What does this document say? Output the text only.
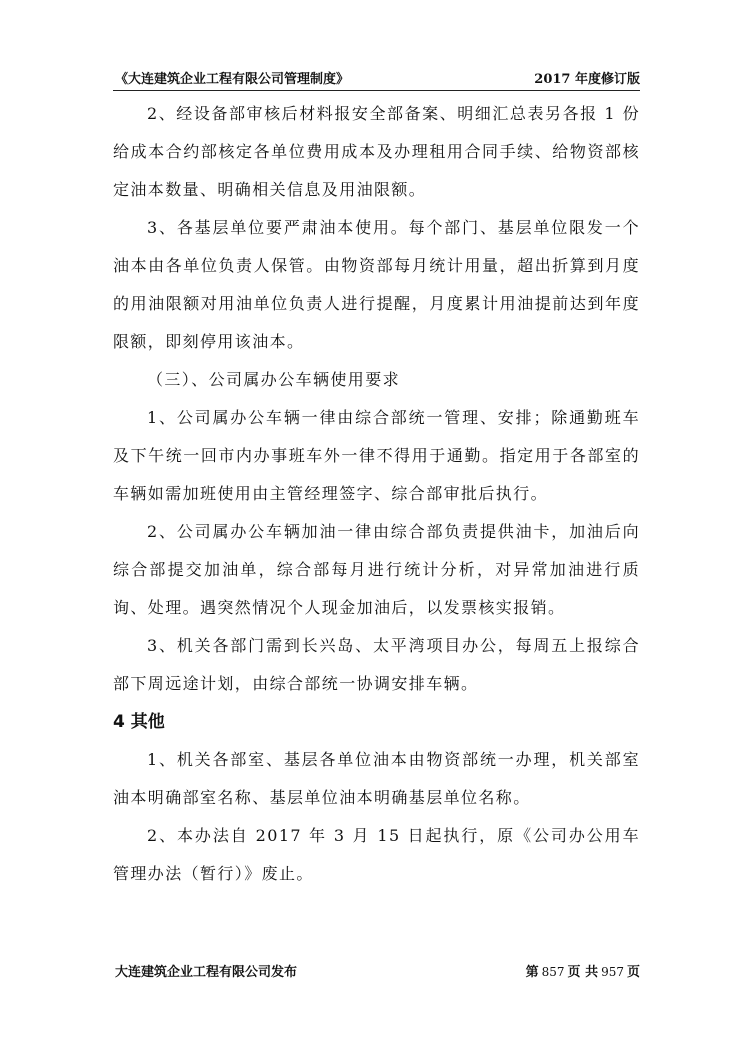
《大连建筑企业工程有限公司管理制度》	2017 年度修订版

2、经设备部审核后材料报安全部备案、明细汇总表另各报 1 份给成本合约部核定各单位费用成本及办理租用合同手续、给物资部核定油本数量、明确相关信息及用油限额。

3、各基层单位要严肃油本使用。每个部门、基层单位限发一个油本由各单位负责人保管。由物资部每月统计用量，超出折算到月度的用油限额对用油单位负责人进行提醒，月度累计用油提前达到年度限额，即刻停用该油本。

（三）、公司属办公车辆使用要求

1、公司属办公车辆一律由综合部统一管理、安排；除通勤班车及下午统一回市内办事班车外一律不得用于通勤。指定用于各部室的车辆如需加班使用由主管经理签字、综合部审批后执行。

2、公司属办公车辆加油一律由综合部负责提供油卡，加油后向综合部提交加油单，综合部每月进行统计分析，对异常加油进行质询、处理。遇突然情况个人现金加油后，以发票核实报销。

3、机关各部门需到长兴岛、太平湾项目办公，每周五上报综合部下周远途计划，由综合部统一协调安排车辆。

4 其他

1、机关各部室、基层各单位油本由物资部统一办理，机关部室油本明确部室名称、基层单位油本明确基层单位名称。

2、本办法自 2017 年 3 月 15 日起执行，原《公司办公用车管理办法（暂行）》废止。

大连建筑企业工程有限公司发布	第 857 页 共 957 页
